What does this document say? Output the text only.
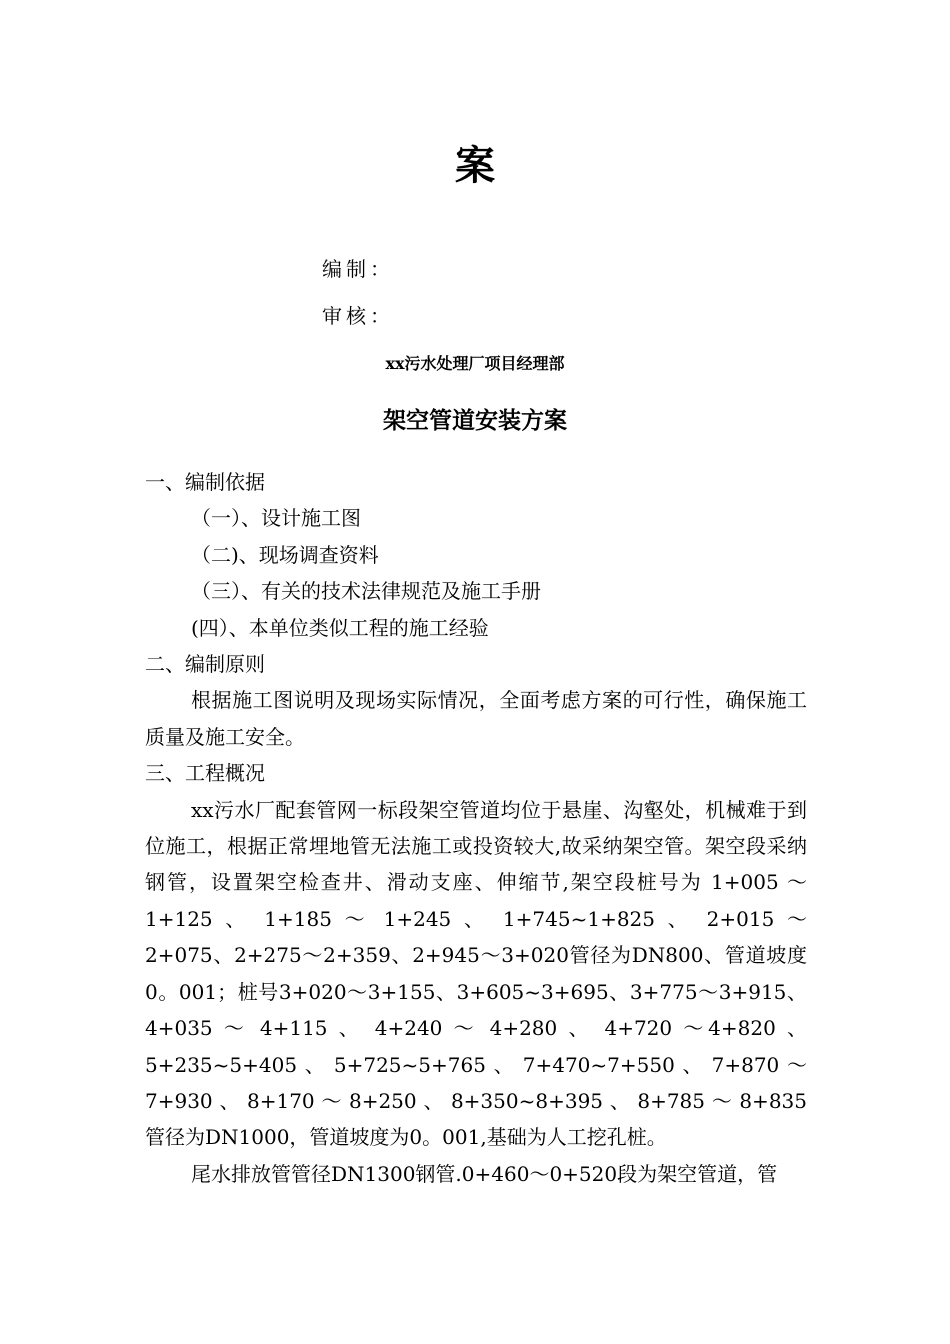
案
编制：
审核：
xx污水处理厂项目经理部
架空管道安装方案

一、编制依据

（一）、设计施工图

（二)、现场调查资料

（三）、有关的技术法律规范及施工手册

(四）、本单位类似工程的施工经验

二、编制原则

根据施工图说明及现场实际情况，全面考虑方案的可行性，确保施工质量及施工安全。

三、工程概况

xx污水厂配套管网一标段架空管道均位于悬崖、沟壑处，机械难于到位施工，根据正常埋地管无法施工或投资较大,故采纳架空管。架空段采纳钢管，设置架空检查井、滑动支座、伸缩节,架空段桩号为 1+005 ～ 1+125 、 1+185 ～ 1+245 、 1+745~1+825 、 2+015 ～2+075、2+275～2+359、2+945～3+020管径为DN800、管道坡度0。001；桩号3+020～3+155、3+605~3+695、3+775～3+915、4+035 ～ 4+115 、 4+240 ～ 4+280 、 4+720 ～4+820 、 5+235~5+405 、 5+725~5+765 、 7+470~7+550 、 7+870 ～7+930 、 8+170 ～ 8+250 、 8+350~8+395 、 8+785 ～ 8+835 管径为DN1000，管道坡度为0。001,基础为人工挖孔桩。

尾水排放管管径DN1300钢管.0+460～0+520段为架空管道，管
